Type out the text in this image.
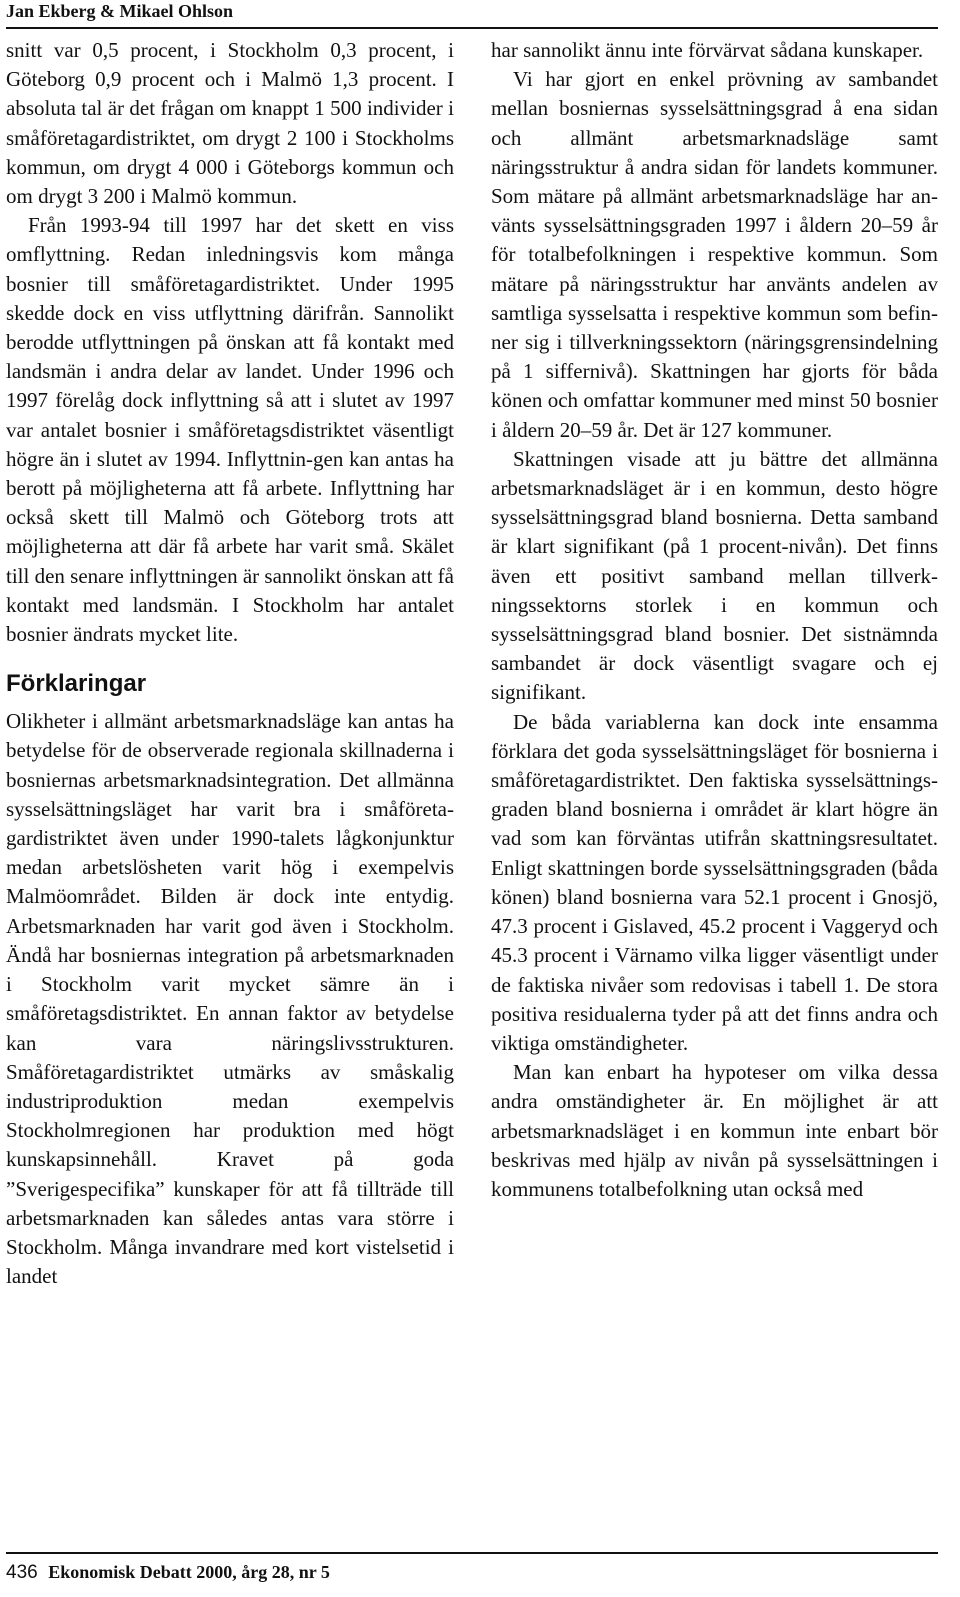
Jan Ekberg & Mikael Ohlson

snitt var 0,5 procent, i Stockholm 0,3 procent, i Göteborg 0,9 procent och i Malmö 1,3 procent. I absoluta tal är det frågan om knappt 1 500 individer i småföretagardistriktet, om drygt 2 100 i Stockholms kommun, om drygt 4 000 i Göteborgs kommun och om drygt 3 200 i Malmö kommun.

Från 1993-94 till 1997 har det skett en viss omflyttning. Redan inledningsvis kom många bosnier till småföretagardistriktet. Under 1995 skedde dock en viss utflyttning därifrån. Sannolikt berodde utflyttningen på önskan att få kontakt med landsmän i andra delar av landet. Under 1996 och 1997 förelåg dock inflyttning så att i slutet av 1997 var antalet bosnier i småföretagsdistriktet väsentligt högre än i slutet av 1994. Inflyttnin-gen kan antas ha berott på möjligheterna att få arbete. Inflyttning har också skett till Malmö och Göteborg trots att möjligheterna att där få arbete har varit små. Skälet till den senare inflyttningen är sannolikt önskan att få kontakt med landsmän. I Stockholm har antalet bosnier ändrats mycket lite.

Förklaringar

Olikheter i allmänt arbetsmarknadsläge kan antas ha betydelse för de observerade regionala skillnaderna i bosniernas arbetsmarknadsintegration. Det allmänna sysselsättningsläget har varit bra i småföretagardistriktet även under 1990-talets lågkonjunktur medan arbetslösheten varit hög i exempelvis Malmöområdet. Bilden är dock inte entydig. Arbetsmarknaden har varit god även i Stockholm. Ändå har bosniernas integration på arbetsmarknaden i Stockholm varit mycket sämre än i småföretagsdistriktet. En annan faktor av betydelse kan vara näringslivsstrukturen. Småföretagardistriktet utmärks av småskalig industriproduktion medan exempelvis Stockholmregionen har produktion med högt kunskapsinnehåll. Kravet på goda ”Sverigespecifika” kunskaper för att få tillträde till arbetsmarknaden kan således antas vara större i Stockholm. Många invandrare med kort vistelsetid i landet

har sannolikt ännu inte förvärvat sådana kunskaper.

Vi har gjort en enkel prövning av sambandet mellan bosniernas sysselsättningsgrad å ena sidan och allmänt arbetsmarknadsläge samt näringsstruktur å andra sidan för landets kommuner. Som mätare på allmänt arbetsmarknadsläge har använts sysselsättningsgraden 1997 i åldern 20–59 år för totalbefolkningen i respektive kommun. Som mätare på näringsstruktur har använts andelen av samtliga sysselsatta i respektive kommun som befinner sig i tillverkningssektorn (näringsgrensindelning på 1 siffernivå). Skattningen har gjorts för båda könen och omfattar kommuner med minst 50 bosnier i åldern 20–59 år. Det är 127 kommuner.

Skattningen visade att ju bättre det allmänna arbetsmarknadsläget är i en kommun, desto högre sysselsättningsgrad bland bosnierna. Detta samband är klart signifikant (på 1 procent-nivån). Det finns även ett positivt samband mellan tillverkningssektorns storlek i en kommun och sysselsättningsgrad bland bosnier. Det sistnämnda sambandet är dock väsentligt svagare och ej signifikant.

De båda variablerna kan dock inte ensamma förklara det goda sysselsättningsläget för bosnierna i småföretagardistriktet. Den faktiska sysselsättningsgraden bland bosnierna i området är klart högre än vad som kan förväntas utifrån skattningsresultatet. Enligt skattningen borde sysselsättningsgraden (båda könen) bland bosnierna vara 52.1 procent i Gnosjö, 47.3 procent i Gislaved, 45.2 procent i Vaggeryd och 45.3 procent i Värnamo vilka ligger väsentligt under de faktiska nivåer som redovisas i tabell 1. De stora positiva residualerna tyder på att det finns andra och viktiga omständigheter.

Man kan enbart ha hypoteser om vilka dessa andra omständigheter är. En möjlighet är att arbetsmarknadsläget i en kommun inte enbart bör beskrivas med hjälp av nivån på sysselsättningen i kommunens totalbefolkning utan också med

436 Ekonomisk Debatt 2000, årg 28, nr 5
